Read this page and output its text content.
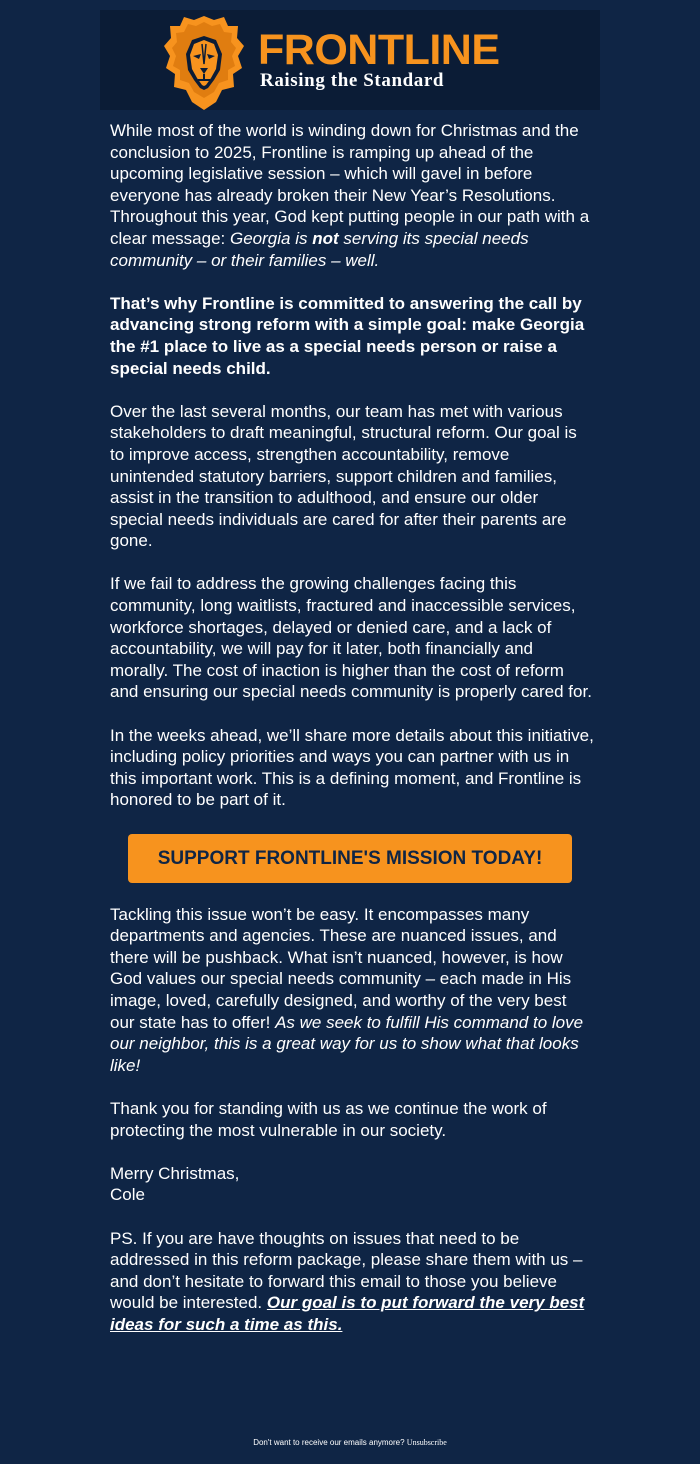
FRONTLINE
Raising the Standard

While most of the world is winding down for Christmas and the conclusion to 2025, Frontline is ramping up ahead of the upcoming legislative session – which will gavel in before everyone has already broken their New Year’s Resolutions. Throughout this year, God kept putting people in our path with a clear message: Georgia is not serving its special needs community – or their families – well.

That’s why Frontline is committed to answering the call by advancing strong reform with a simple goal: make Georgia the #1 place to live as a special needs person or raise a special needs child.

Over the last several months, our team has met with various stakeholders to draft meaningful, structural reform. Our goal is to improve access, strengthen accountability, remove unintended statutory barriers, support children and families, assist in the transition to adulthood, and ensure our older special needs individuals are cared for after their parents are gone.

If we fail to address the growing challenges facing this community, long waitlists, fractured and inaccessible services, workforce shortages, delayed or denied care, and a lack of accountability, we will pay for it later, both financially and morally. The cost of inaction is higher than the cost of reform and ensuring our special needs community is properly cared for.

In the weeks ahead, we’ll share more details about this initiative, including policy priorities and ways you can partner with us in this important work. This is a defining moment, and Frontline is honored to be part of it.

SUPPORT FRONTLINE'S MISSION TODAY!

Tackling this issue won’t be easy. It encompasses many departments and agencies. These are nuanced issues, and there will be pushback. What isn’t nuanced, however, is how God values our special needs community – each made in His image, loved, carefully designed, and worthy of the very best our state has to offer! As we seek to fulfill His command to love our neighbor, this is a great way for us to show what that looks like!

Thank you for standing with us as we continue the work of protecting the most vulnerable in our society.

Merry Christmas,
Cole

PS. If you are have thoughts on issues that need to be addressed in this reform package, please share them with us – and don’t hesitate to forward this email to those you believe would be interested. Our goal is to put forward the very best ideas for such a time as this.

Don't want to receive our emails anymore? Unsubscribe
